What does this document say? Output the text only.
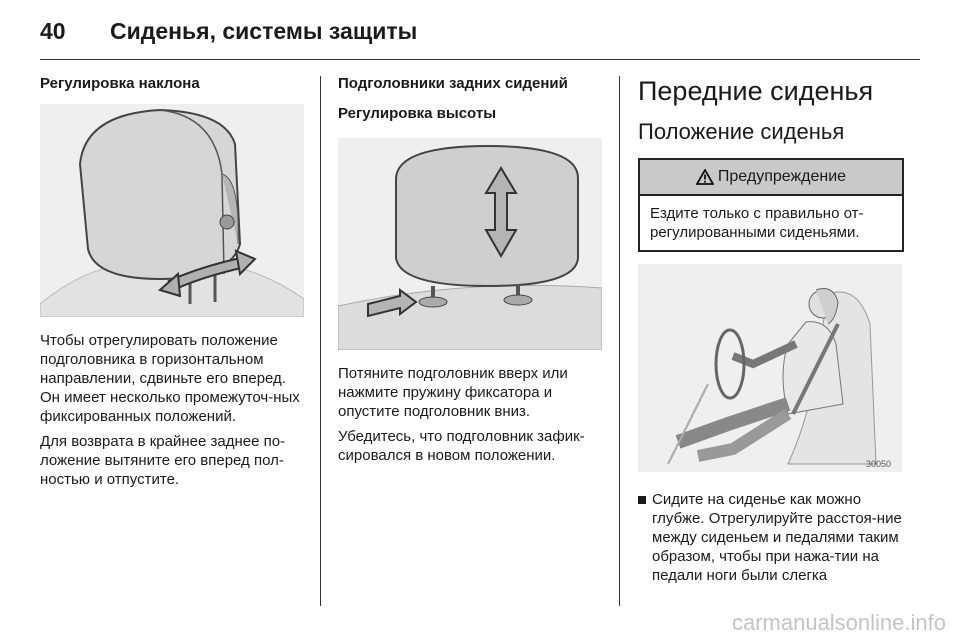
40 Сиденья, системы защиты
Регулировка наклона

Чтобы отрегулировать положение подголовника в горизонтальном направлении, сдвиньте его вперед. Он имеет несколько промежуточ-ных фиксированных положений.

Для возврата в крайнее заднее по-ложение вытяните его вперед пол-ностью и отпустите.

Подголовники задних сидений
Регулировка высоты

Потяните подголовник вверх или нажмите пружину фиксатора и опустите подголовник вниз.

Убедитесь, что подголовник зафик-сировался в новом положении.

Передние сиденья
Положение сиденья
Предупреждение
Ездите только с правильно от-регулированными сиденьями.
30050
Сидите на сиденье как можно глубже. Отрегулируйте расстоя-ние между сиденьем и педалями таким образом, чтобы при нажа-тии на педали ноги были слегка
carmanualsonline.info
